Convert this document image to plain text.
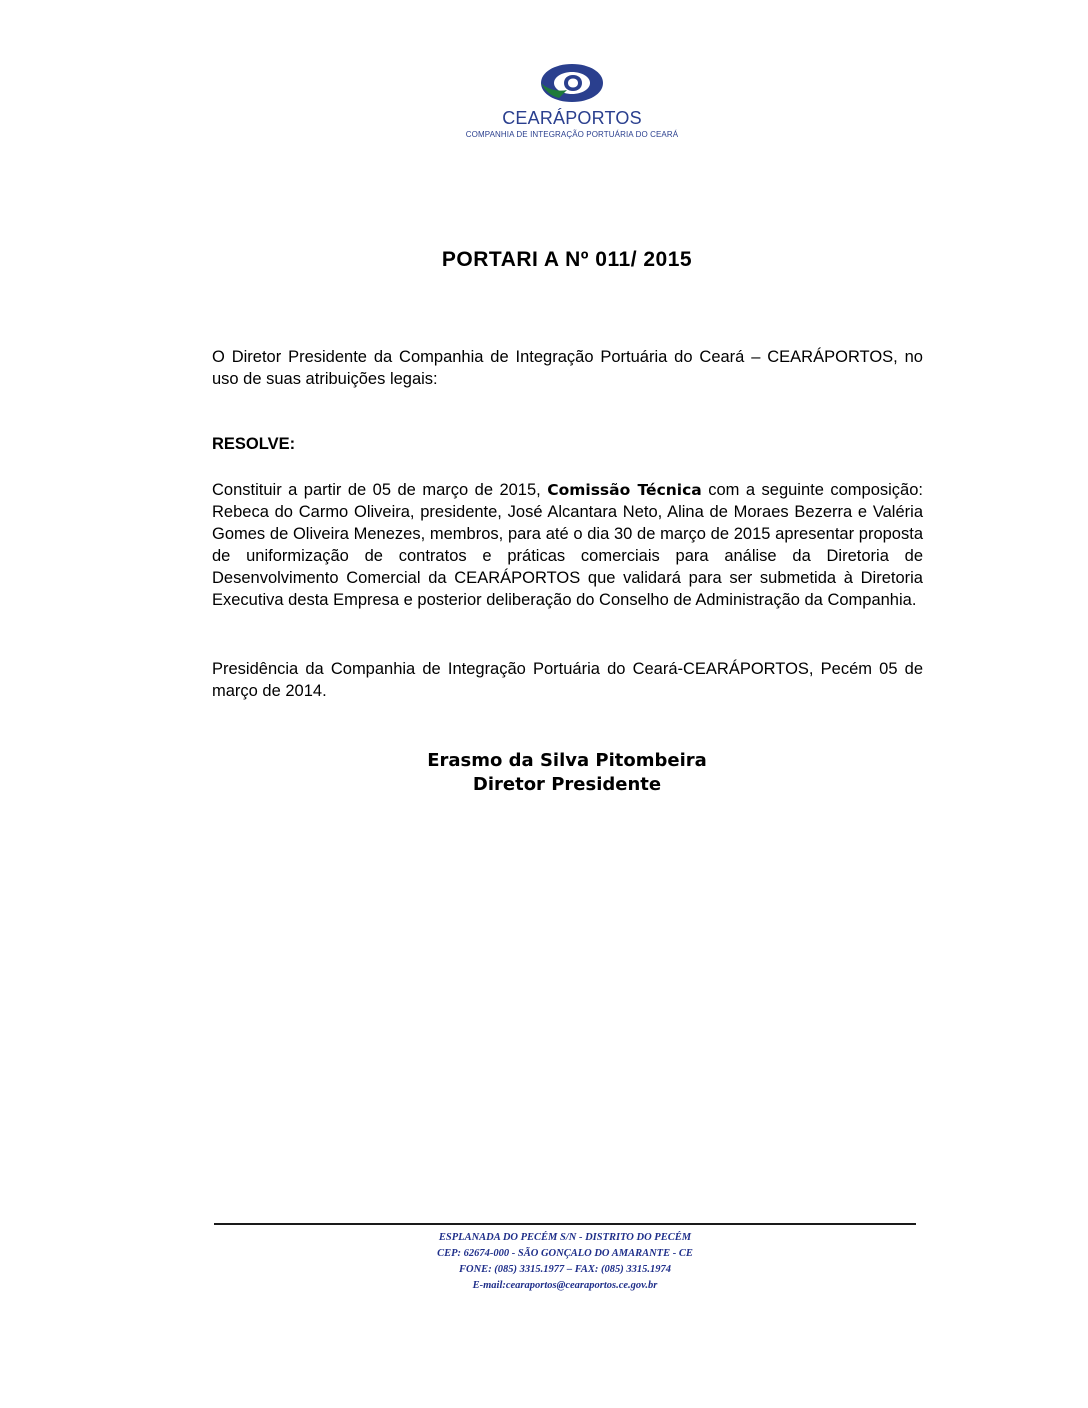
CEARÁPORTOS
COMPANHIA DE INTEGRAÇÃO PORTUÁRIA DO CEARÁ
PORTARI A Nº 011/ 2015
O Diretor Presidente da Companhia de Integração Portuária do Ceará – CEARÁPORTOS, no uso de suas atribuições legais:
RESOLVE:
Constituir a partir de 05 de março de 2015, Comissão Técnica com a seguinte composição: Rebeca do Carmo Oliveira, presidente, José Alcantara Neto, Alina de Moraes Bezerra e Valéria Gomes de Oliveira Menezes, membros, para até o dia 30 de março de 2015 apresentar proposta de uniformização de contratos e práticas comerciais para análise da Diretoria de Desenvolvimento Comercial da CEARÁPORTOS que validará para ser submetida à Diretoria Executiva desta Empresa e posterior deliberação do Conselho de Administração da Companhia.
Presidência da Companhia de Integração Portuária do Ceará-CEARÁPORTOS, Pecém 05 de março de 2014.
Erasmo da Silva Pitombeira
Diretor Presidente
ESPLANADA DO PECÉM S/N - DISTRITO DO PECÉM
CEP: 62674-000 - SÃO GONÇALO DO AMARANTE - CE
FONE: (085) 3315.1977 – FAX: (085) 3315.1974
E-mail:cearaportos@cearaportos.ce.gov.br
